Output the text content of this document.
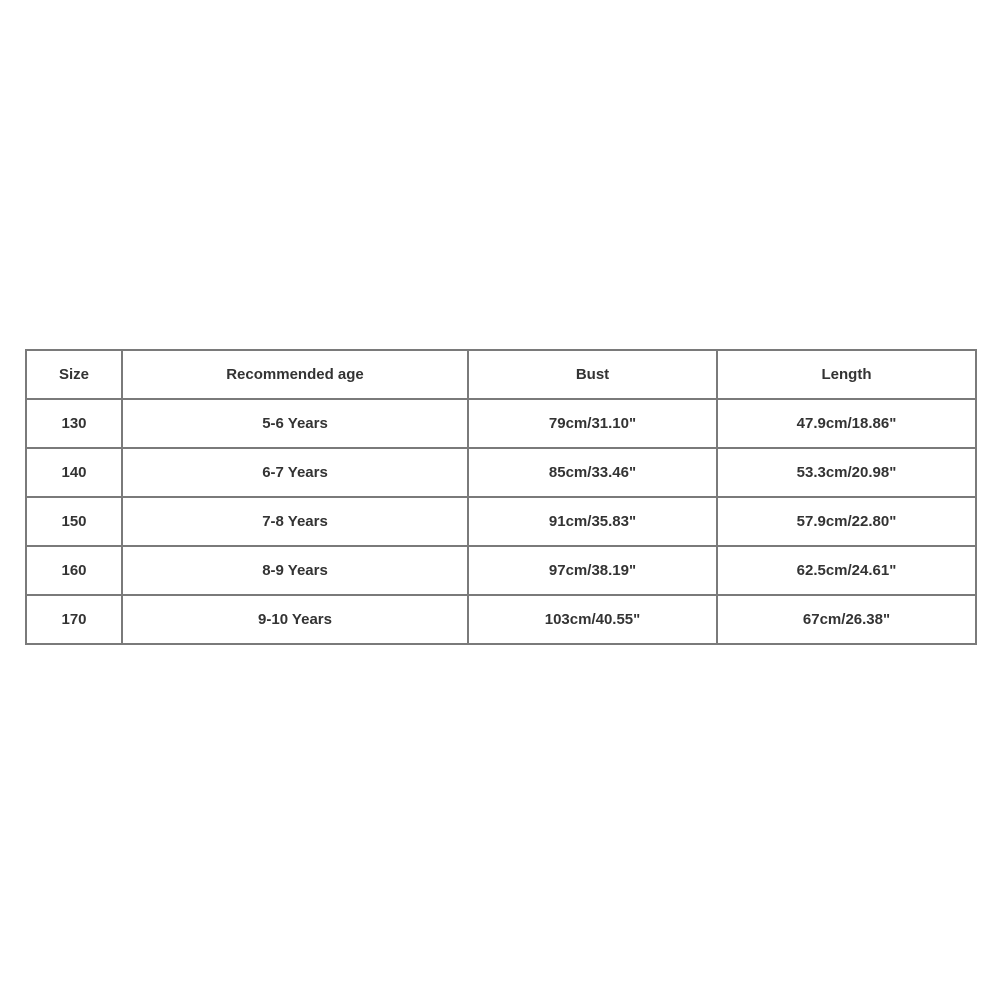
Size	Recommended age	Bust	Length
130	5-6 Years	79cm/31.10"	47.9cm/18.86"
140	6-7 Years	85cm/33.46"	53.3cm/20.98"
150	7-8 Years	91cm/35.83"	57.9cm/22.80"
160	8-9 Years	97cm/38.19"	62.5cm/24.61"
170	9-10 Years	103cm/40.55"	67cm/26.38"
